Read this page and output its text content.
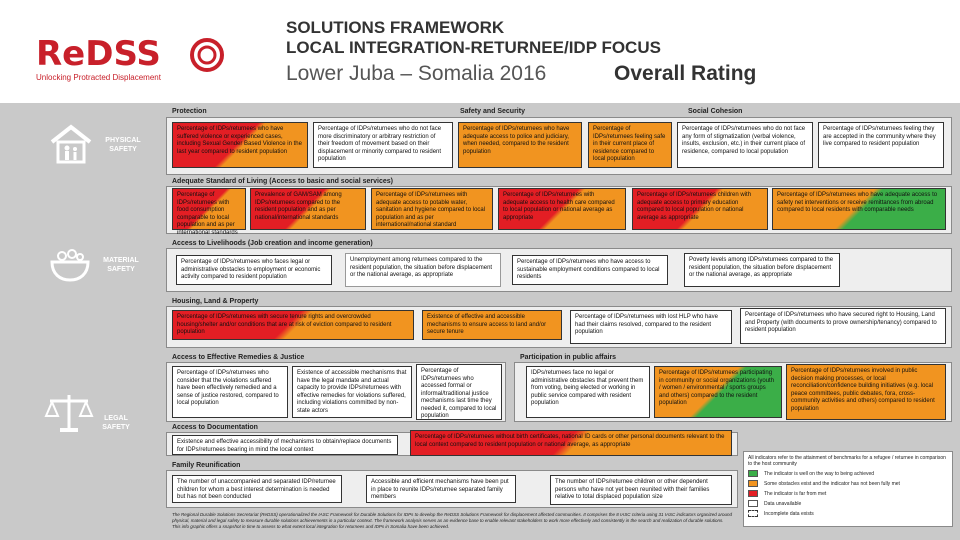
ReDSS
Unlocking Protracted Displacement
SOLUTIONS FRAMEWORK
LOCAL INTEGRATION-RETURNEE/IDP FOCUS
Lower Juba – Somalia 2016	Overall Rating
PHYSICAL SAFETY
MATERIAL SAFETY
LEGAL SAFETY
Protection	Safety and Security	Social Cohesion
Percentage of IDPs/returnees who have suffered violence or experienced cases, including Sexual Gender Based Violence in the last year compared to resident population
Percentage of IDPs/returnees who do not face more discriminatory or arbitrary restriction of their freedom of movement based on their displacement or minority compared to resident population
Percentage of IDPs/returnees who have adequate access to police and judiciary, when needed, compared to the resident population
Percentage of IDPs/returnees feeling safe in their current place of residence compared to local population
Percentage of IDPs/returnees who do not face any form of stigmatization (verbal violence, insults, exclusion, etc.) in their current place of residence, compared to local population
Percentage of IDPs/returnees feeling they are accepted in the community where they live compared to resident population
Adequate Standard of Living (Access to basic and social services)
Percentage of IDPs/returnees with food consumption comparable to local population and as per international standards
Prevalence of GAM/SAM among IDPs/returnees compared to the resident population and as per national/international standards
Percentage of IDPs/returnees with adequate access to potable water, sanitation and hygiene compared to local population and as per international/national standard
Percentage of IDPs/returnees with adequate access to health care compared to local population or national average as appropriate
Percentage of IDPs/returnees children with adequate access to primary education compared to local population or national average as appropriate
Percentage of IDPs/returnees who have adequate access to safety net interventions or receive remittances from abroad compared to local residents with comparable needs
Access to Livelihoods (Job creation and income generation)
Percentage of IDPs/returnees who faces legal or administrative obstacles to employment or economic activity compared to resident population
Unemployment among returnees compared to the resident population, the situation before displacement or the national average, as appropriate
Percentage of IDPs/returnees who have access to sustainable employment conditions compared to local residents
Poverty levels among IDPs/returnees compared to the resident population, the situation before displacement or the national average, as appropriate
Housing, Land & Property
Percentage of IDPs/returnees with secure tenure rights and overcrowded housing/shelter and/or conditions that are at risk of eviction compared to resident population
Existence of effective and accessible mechanisms to ensure access to land and/or secure tenure
Percentage of IDPs/returnees with lost HLP who have had their claims resolved, compared to the resident population
Percentage of IDPs/returnees who have secured right to Housing, Land and Property (with documents to prove ownership/tenancy) compared to resident population
Access to Effective Remedies & Justice	Participation in public affairs
Percentage of IDPs/returnees who consider that the violations suffered have been effectively remedied and a sense of justice restored, compared to local population
Existence of accessible mechanisms that have the legal mandate and actual capacity to provide IDPs/returnees with effective remedies for violations suffered, including violations committed by non-state actors
Percentage of IDPs/returnees who accessed formal or informal/traditional justice mechanisms last time they needed it, compared to local population
IDPs/returnees face no legal or administrative obstacles that prevent them from voting, being elected or working in public service compared with resident population
Percentage of IDPs/returnees participating in community or social organizations (youth / women / environmental / sports groups and others) compared to the resident population
Percentage of IDPs/returnees involved in public decision making processes, or local reconciliation/confidence building initiatives (e.g. local peace committees, public debates, fora, cross-community activities and others) compared to resident population
Access to Documentation
Existence and effective accessibility of mechanisms to obtain/replace documents for IDPs/returnees bearing in mind the local context
Percentage of IDPs/returnees without birth certificates, national ID cards or other personal documents relevant to the local context compared to resident population or national average, as appropriate
Family Reunification
The number of unaccompanied and separated IDP/returnee children for whom a best interest determination is needed but has not been conducted
Accessible and efficient mechanisms have been put in place to reunite IDPs/returnee separated family members
The number of IDPs/returnee children or other dependent persons who have not yet been reunited with their families relative to total displaced population size
All indicators refer to the attainment of benchmarks for a refugee / returnee in comparison to the host community
The indicator is well on the way to being achieved
Some obstacles exist and the indicator has not been fully met
The indicator is far from met
Data unavailable
Incomplete data exists
The Regional Durable Solutions Secretariat (ReDSS) operationalized the IASC Framework for Durable Solutions for IDPs to develop the ReDSS Solutions Framework for displacement affected communities. It comprises the 8 IASC criteria using 31 IASC indicators organized around physical, material and legal safety to measure durable solutions achievements in a particular context. The framework analysis serves as an evidence base to enable relevant stakeholders to work more effectively and consistently in the search and realization of durable solutions. This info graphic offers a snapshot in time to assess to what extent local integration for returnees and IDPs in Somalia have been achieved.
